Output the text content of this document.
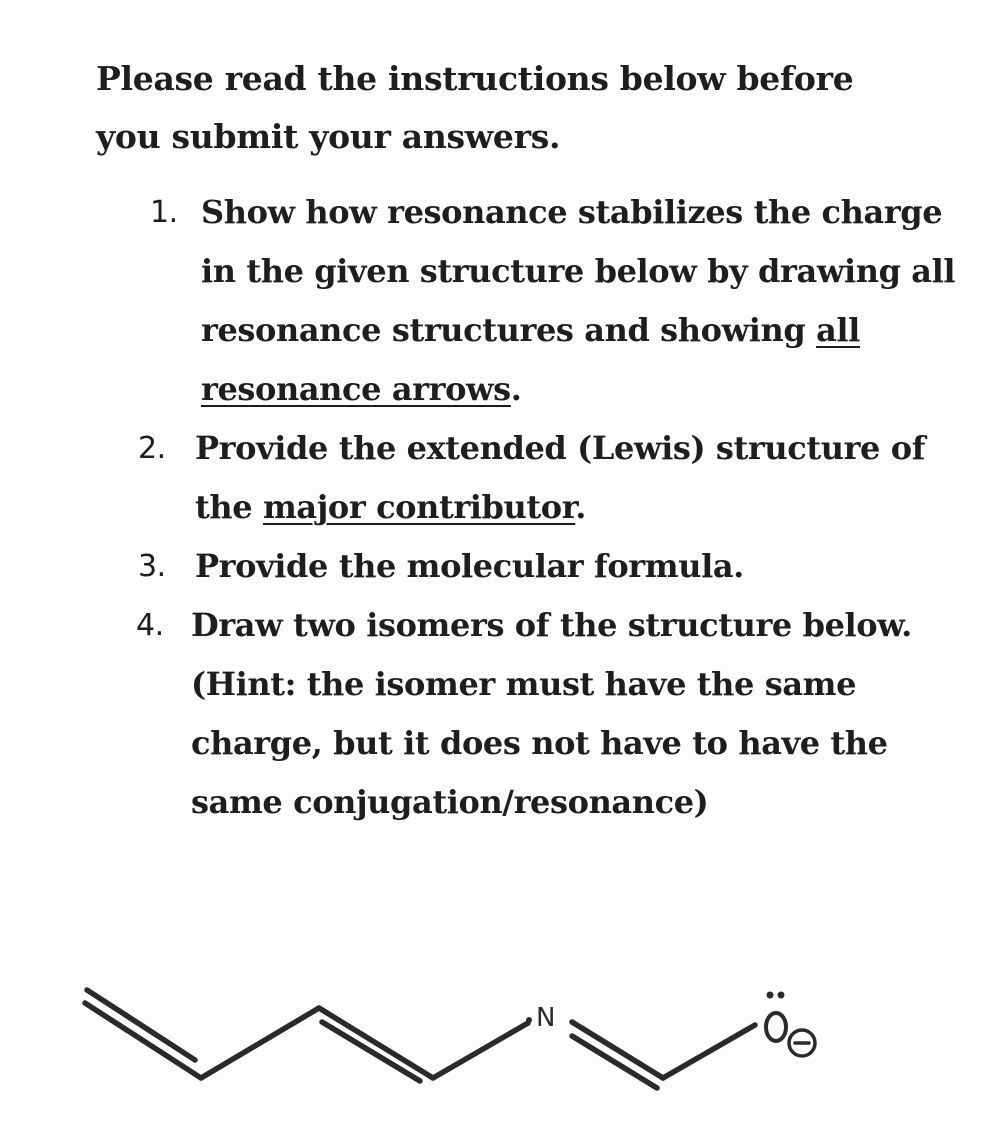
Please read the instructions below before
you submit your answers.
1. Show how resonance stabilizes the charge in the given structure below by drawing all resonance structures and showing all resonance arrows.
2. Provide the extended (Lewis) structure of the major contributor.
3. Provide the molecular formula.
4. Draw two isomers of the structure below. (Hint: the isomer must have the same charge, but it does not have to have the same conjugation/resonance)
N
